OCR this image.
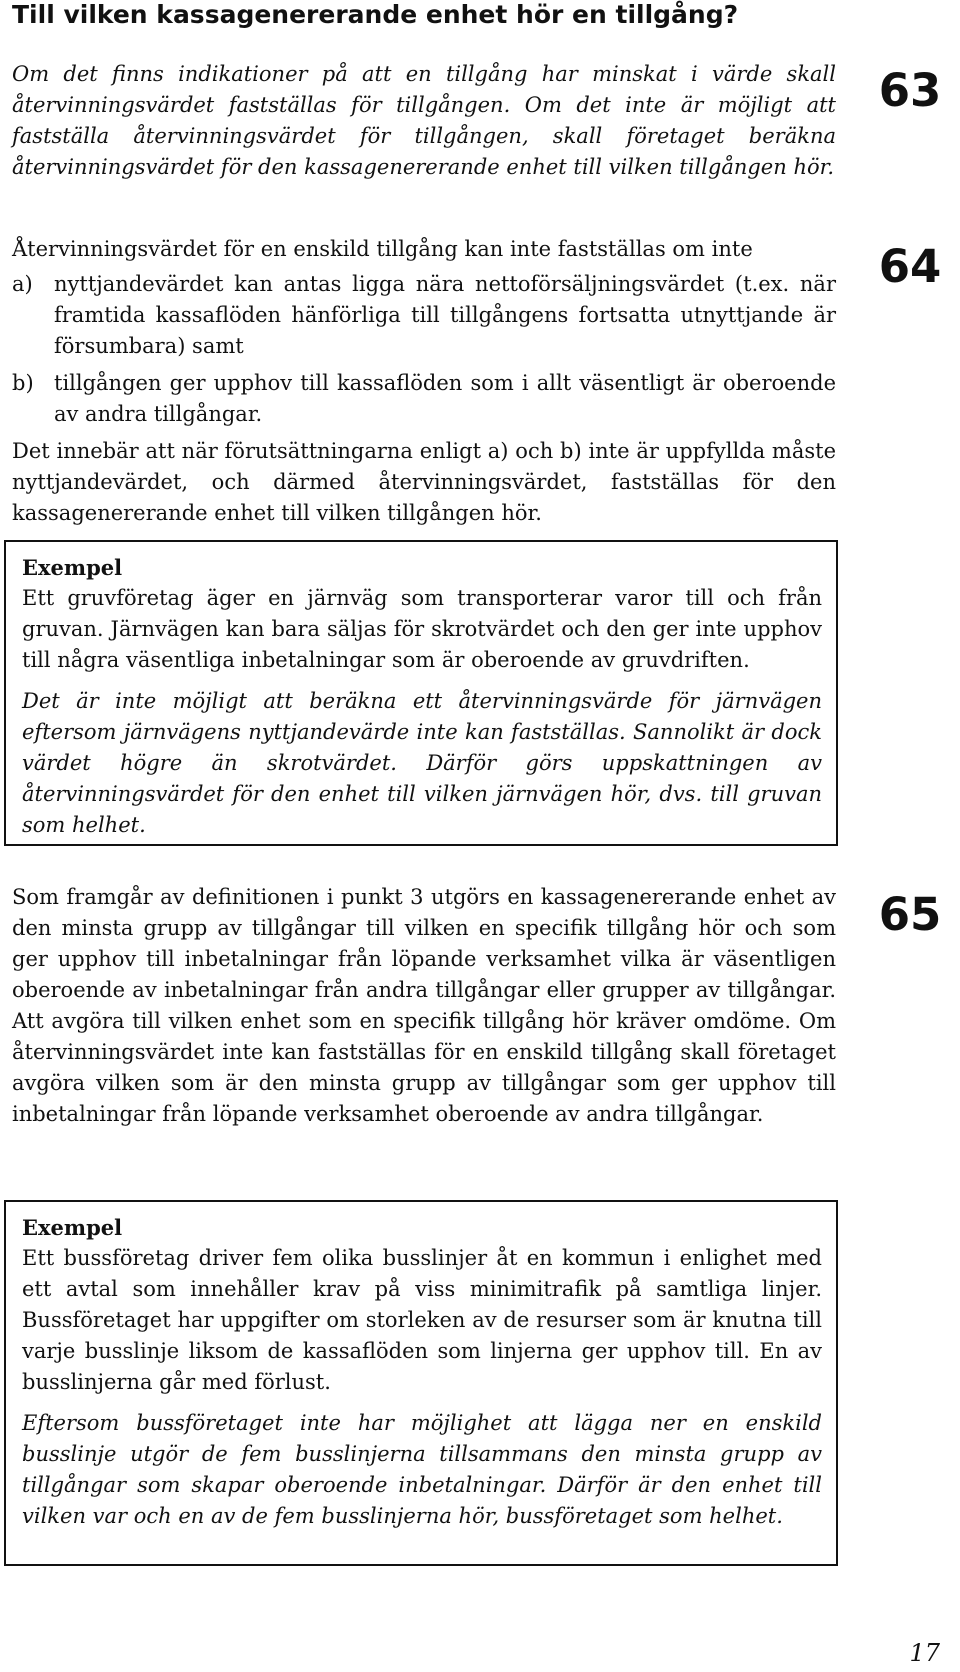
Till vilken kassagenererande enhet hör en tillgång?

Om det finns indikationer på att en tillgång har minskat i värde skall återvinningsvärdet fastställas för tillgången. Om det inte är möjligt att fastställa återvinningsvärdet för tillgången, skall företaget beräkna återvinningsvärdet för den kassagenererande enhet till vilken tillgången hör.

63

Återvinningsvärdet för en enskild tillgång kan inte fastställas om inte

a) nyttjandevärdet kan antas ligga nära nettoförsäljningsvärdet (t.ex. när framtida kassaflöden hänförliga till tillgångens fortsatta utnyttjande är försumbara) samt
b) tillgången ger upphov till kassaflöden som i allt väsentligt är oberoende av andra tillgångar.

Det innebär att när förutsättningarna enligt a) och b) inte är uppfyllda måste nyttjandevärdet, och därmed återvinningsvärdet, fastställas för den kassagenererande enhet till vilken tillgången hör.

64

Exempel

Ett gruvföretag äger en järnväg som transporterar varor till och från gruvan. Järnvägen kan bara säljas för skrotvärdet och den ger inte upphov till några väsentliga inbetalningar som är oberoende av gruvdriften.

Det är inte möjligt att beräkna ett återvinningsvärde för järnvägen eftersom järnvägens nyttjandevärde inte kan fastställas. Sannolikt är dock värdet högre än skrotvärdet. Därför görs uppskattningen av återvinningsvärdet för den enhet till vilken järnvägen hör, dvs. till gruvan som helhet.

Som framgår av definitionen i punkt 3 utgörs en kassagenererande enhet av den minsta grupp av tillgångar till vilken en specifik tillgång hör och som ger upphov till inbetalningar från löpande verksamhet vilka är väsentligen oberoende av inbetalningar från andra tillgångar eller grupper av tillgångar. Att avgöra till vilken enhet som en specifik tillgång hör kräver omdöme. Om återvinningsvärdet inte kan fastställas för en enskild tillgång skall företaget avgöra vilken som är den minsta grupp av tillgångar som ger upphov till inbetalningar från löpande verksamhet oberoende av andra tillgångar.

65

Exempel

Ett bussföretag driver fem olika busslinjer åt en kommun i enlighet med ett avtal som innehåller krav på viss minimitrafik på samtliga linjer. Bussföretaget har uppgifter om storleken av de resurser som är knutna till varje busslinje liksom de kassaflöden som linjerna ger upphov till. En av busslinjerna går med förlust.

Eftersom bussföretaget inte har möjlighet att lägga ner en enskild busslinje utgör de fem busslinjerna tillsammans den minsta grupp av tillgångar som skapar oberoende inbetalningar. Därför är den enhet till vilken var och en av de fem busslinjerna hör, bussföretaget som helhet.

17
